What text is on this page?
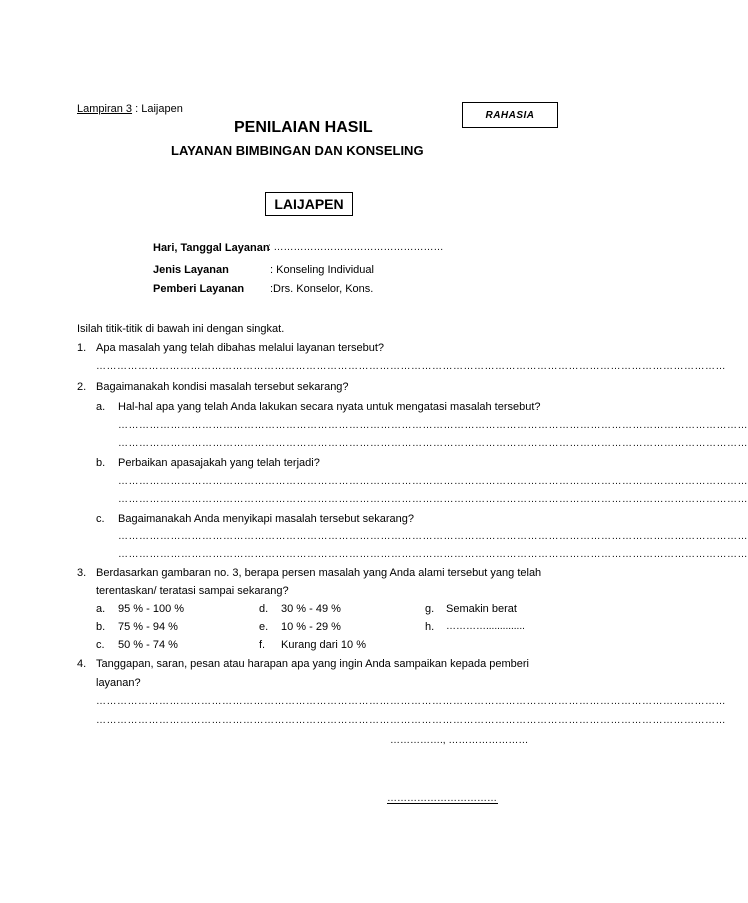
Lampiran 3 : Laijapen
RAHASIA
PENILAIAN HASIL
LAYANAN BIMBINGAN DAN KONSELING
LAIJAPEN
Hari, Tanggal Layanan
: ……………………………………………
Jenis Layanan	: Konseling Individual
Pemberi Layanan :Drs. Konselor, Kons.
Isilah titik-titik di bawah ini dengan singkat.
1. Apa masalah yang telah dibahas melalui layanan tersebut?
………………………………………………………………………………………………………………………………………………………………
2. Bagaimanakah kondisi masalah tersebut sekarang?
a. Hal-hal apa yang telah Anda lakukan secara nyata untuk mengatasi masalah tersebut?
………………………………………………………………………………………………………………………………………………………………
………………………………………………………………………………………………………………………………………………………………
b. Perbaikan apasajakah yang telah terjadi?
………………………………………………………………………………………………………………………………………………………………
………………………………………………………………………………………………………………………………………………………………
c. Bagaimanakah Anda menyikapi masalah tersebut sekarang?
………………………………………………………………………………………………………………………………………………………………
………………………………………………………………………………………………………………………………………………………………
3. Berdasarkan gambaran no. 3, berapa persen masalah yang Anda alami tersebut yang telah
terentaskan/ teratasi sampai sekarang?
a. 95 % - 100 %	d. 30 % - 49 %	g. Semakin berat
b. 75 % - 94 %	e. 10 % - 29 %	h. …………..............
c. 50 % - 74 %	f. Kurang dari 10 %
4. Tanggapan, saran, pesan atau harapan apa yang ingin Anda sampaikan kepada pemberi
layanan?
………………………………………………………………………………………………………………………………………………………………
………………………………………………………………………………………………………………………………………………………………
……………., ……………………
……………………………
